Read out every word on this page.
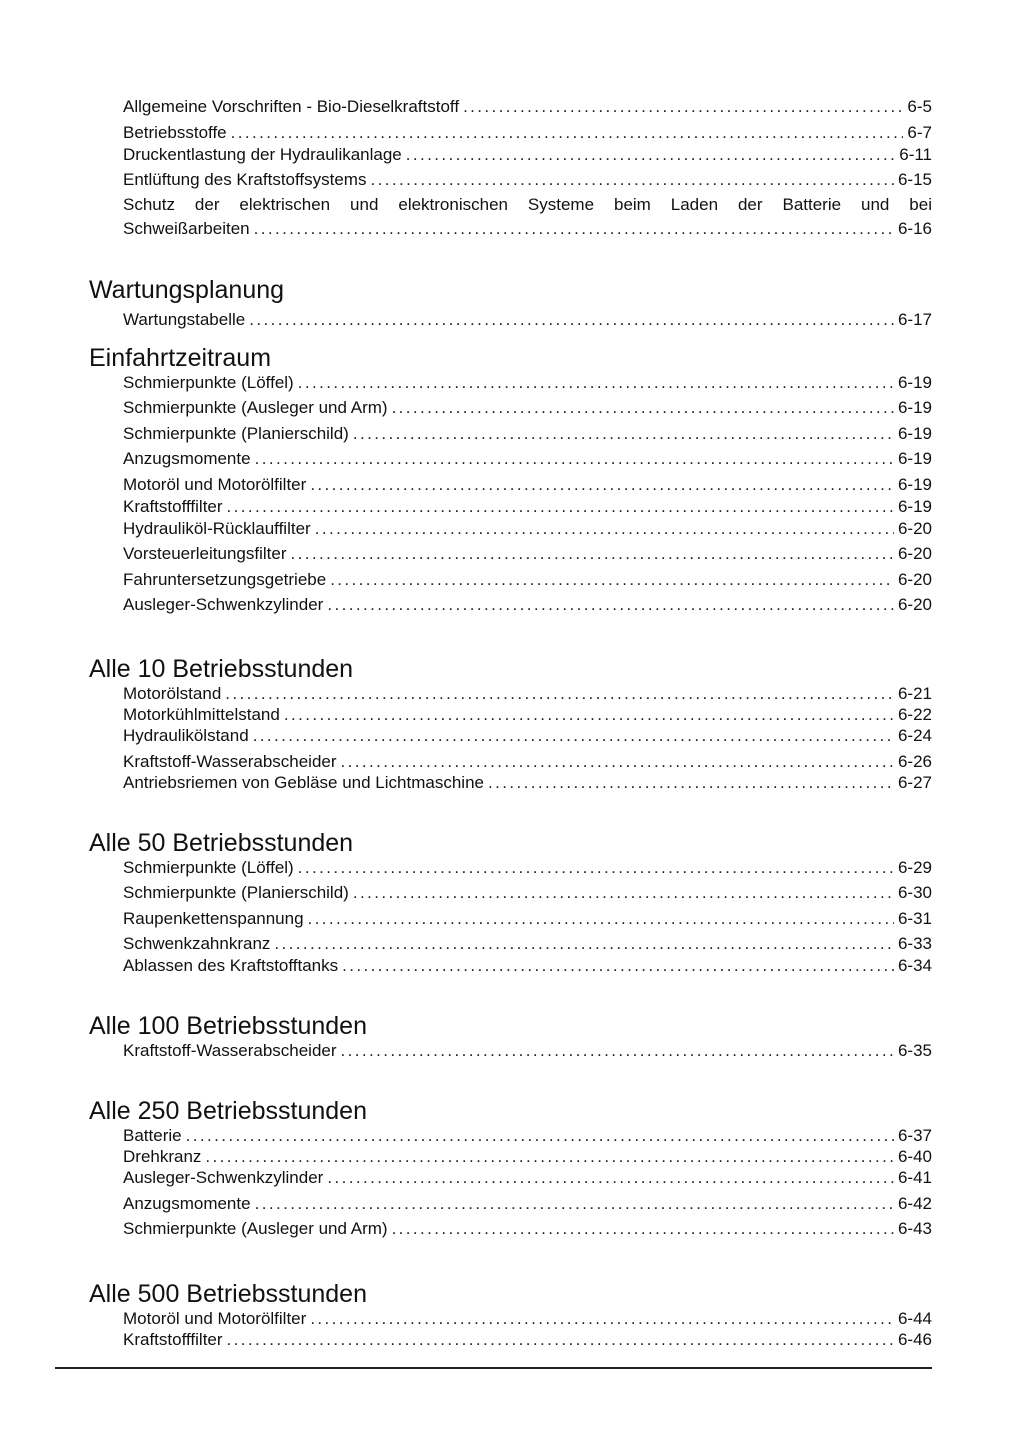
Allgemeine Vorschriften - Bio-Dieselkraftstoff .....	6-5
Betriebsstoffe .....	6-7
Druckentlastung der Hydraulikanlage .....	6-11
Entlüftung des Kraftstoffsystems .....	6-15
Schutz der elektrischen und elektronischen Systeme beim Laden der Batterie und bei
Schweißarbeiten .....	6-16
Wartungsplanung
Wartungstabelle .....	6-17
Einfahrtzeitraum
Schmierpunkte (Löffel) .....	6-19
Schmierpunkte (Ausleger und Arm) .....	6-19
Schmierpunkte (Planierschild) .....	6-19
Anzugsmomente .....	6-19
Motoröl und Motorölfilter .....	6-19
Kraftstofffilter .....	6-19
Hydrauliköl-Rücklauffilter .....	6-20
Vorsteuerleitungsfilter .....	6-20
Fahruntersetzungsgetriebe .....	6-20
Ausleger-Schwenkzylinder .....	6-20
Alle 10 Betriebsstunden
Motorölstand .....	6-21
Motorkühlmittelstand .....	6-22
Hydraulikölstand .....	6-24
Kraftstoff-Wasserabscheider .....	6-26
Antriebsriemen von Gebläse und Lichtmaschine .....	6-27
Alle 50 Betriebsstunden
Schmierpunkte (Löffel) .....	6-29
Schmierpunkte (Planierschild) .....	6-30
Raupenkettenspannung .....	6-31
Schwenkzahnkranz .....	6-33
Ablassen des Kraftstofftanks .....	6-34
Alle 100 Betriebsstunden
Kraftstoff-Wasserabscheider .....	6-35
Alle 250 Betriebsstunden
Batterie .....	6-37
Drehkranz .....	6-40
Ausleger-Schwenkzylinder .....	6-41
Anzugsmomente .....	6-42
Schmierpunkte (Ausleger und Arm) .....	6-43
Alle 500 Betriebsstunden
Motoröl und Motorölfilter .....	6-44
Kraftstofffilter .....	6-46
